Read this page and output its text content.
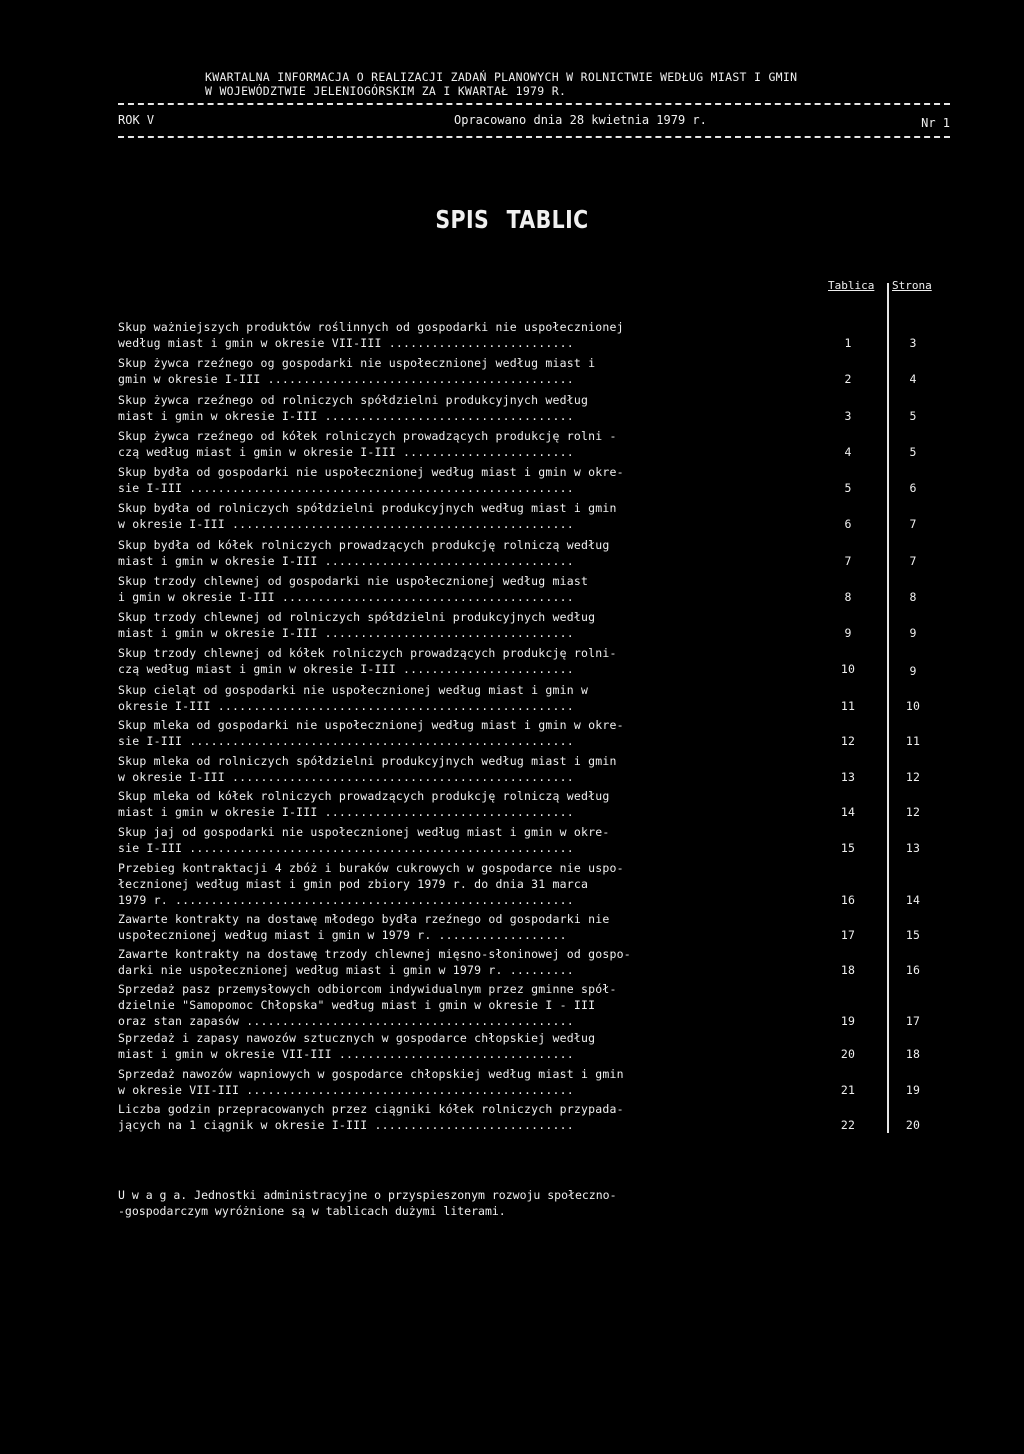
KWARTALNA INFORMACJA O REALIZACJI ZADAŃ PLANOWYCH W ROLNICTWIE WEDŁUG MIAST I GMIN
W WOJEWÓDZTWIE JELENIOGÓRSKIM ZA I KWARTAŁ 1979 R.
ROK V	Opracowano dnia 28 kwietnia 1979 r.	Nr 1
SPIS TABLIC
Tablica Strona
Skup ważniejszych produktów roślinnych od gospodarki nie uspołecznionej
według miast i gmin w okresie VII-III ..........................	1	3
Skup żywca rzeźnego og gospodarki nie uspołecznionej według miast i
gmin w okresie I-III ...........................................	2	4
Skup żywca rzeźnego od rolniczych spółdzielni produkcyjnych według
miast i gmin w okresie I-III ...................................	3	5
Skup żywca rzeźnego od kółek rolniczych prowadzących produkcję rolni -
czą według miast i gmin w okresie I-III ........................	4	5
Skup bydła od gospodarki nie uspołecznionej według miast i gmin w okre-
sie I-III ......................................................	5	6
Skup bydła od rolniczych spółdzielni produkcyjnych według miast i gmin
w okresie I-III ................................................	6	7
Skup bydła od kółek rolniczych prowadzących produkcję rolniczą według
miast i gmin w okresie I-III ...................................	7	7
Skup trzody chlewnej od gospodarki nie uspołecznionej według miast
i gmin w okresie I-III .........................................	8	8
Skup trzody chlewnej od rolniczych spółdzielni produkcyjnych według
miast i gmin w okresie I-III ...................................	9	9
Skup trzody chlewnej od kółek rolniczych prowadzących produkcję rolni-
czą według miast i gmin w okresie I-III ........................	10	9
Skup cieląt od gospodarki nie uspołecznionej według miast i gmin w
okresie I-III ..................................................	11	10
Skup mleka od gospodarki nie uspołecznionej według miast i gmin w okre-
sie I-III ......................................................	12	11
Skup mleka od rolniczych spółdzielni produkcyjnych według miast i gmin
w okresie I-III ................................................	13	12
Skup mleka od kółek rolniczych prowadzących produkcję rolniczą według
miast i gmin w okresie I-III ...................................	14	12
Skup jaj od gospodarki nie uspołecznionej według miast i gmin w okre-
sie I-III ......................................................	15	13
Przebieg kontraktacji 4 zbóż i buraków cukrowych w gospodarce nie uspo-
łecznionej według miast i gmin pod zbiory 1979 r. do dnia 31 marca
1979 r. ........................................................	16	14
Zawarte kontrakty na dostawę młodego bydła rzeźnego od gospodarki nie
uspołecznionej według miast i gmin w 1979 r. ..................	17	15
Zawarte kontrakty na dostawę trzody chlewnej mięsno-słoninowej od gospo-
darki nie uspołecznionej według miast i gmin w 1979 r. .........	18	16
Sprzedaż pasz przemysłowych odbiorcom indywidualnym przez gminne spół-
dzielnie "Samopomoc Chłopska" według miast i gmin w okresie I - III
oraz stan zapasów ..............................................	19	17
Sprzedaż i zapasy nawozów sztucznych w gospodarce chłopskiej według
miast i gmin w okresie VII-III .................................	20	18
Sprzedaż nawozów wapniowych w gospodarce chłopskiej według miast i gmin
w okresie VII-III ..............................................	21	19
Liczba godzin przepracowanych przez ciągniki kółek rolniczych przypada-
jących na 1 ciągnik w okresie I-III ............................	22	20
U w a g a. Jednostki administracyjne o przyspieszonym rozwoju społeczno-
-gospodarczym wyróżnione są w tablicach dużymi literami.
